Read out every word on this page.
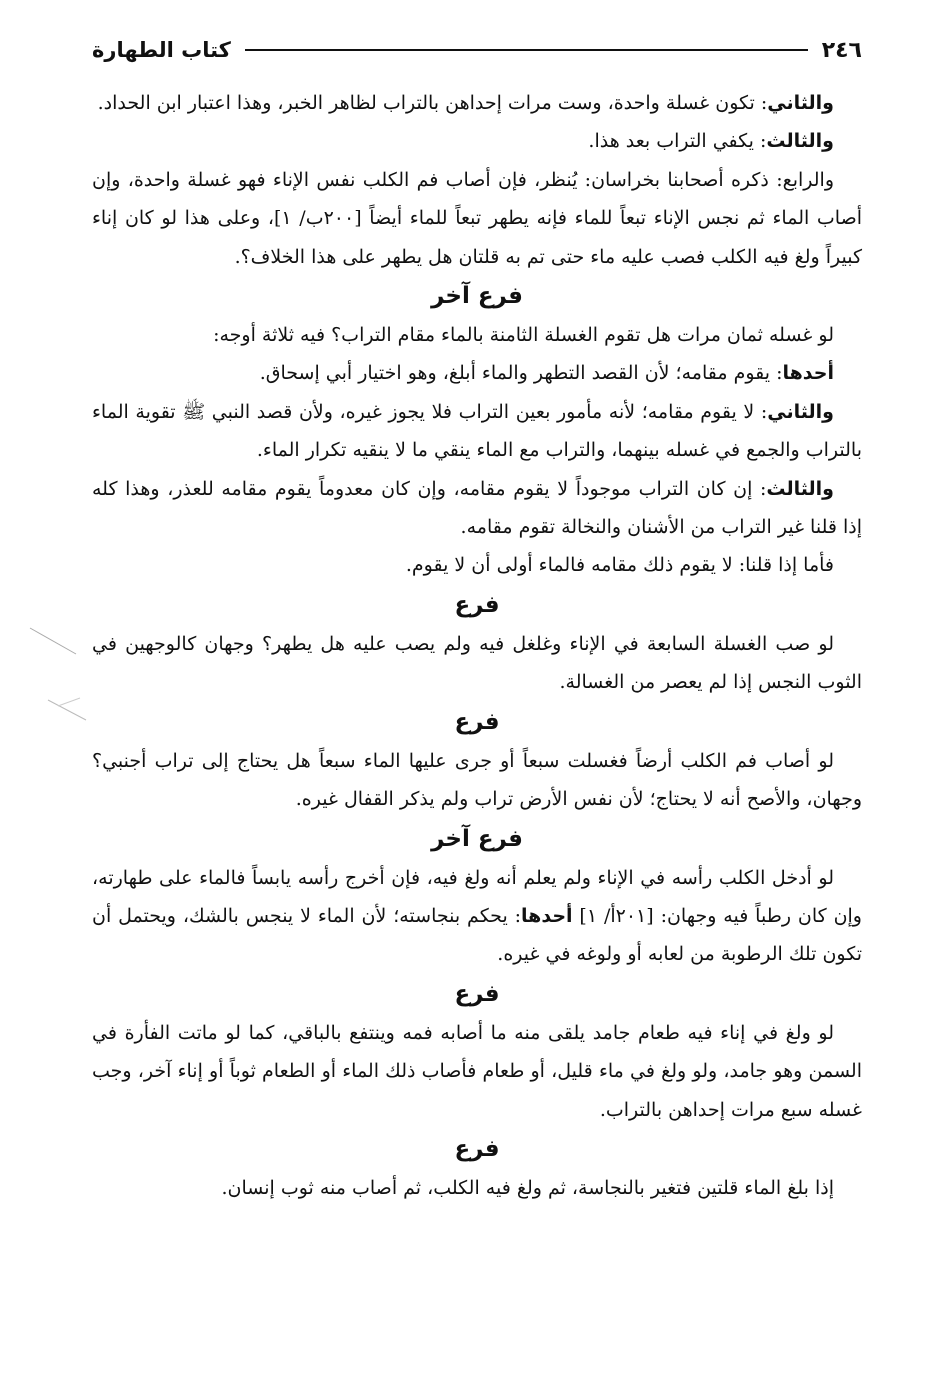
٢٤٦
كتاب الطهارة

والثاني: تكون غسلة واحدة، وست مرات إحداهن بالتراب لظاهر الخبر، وهذا اعتبار ابن الحداد.

والثالث: يكفي التراب بعد هذا.

والرابع: ذكره أصحابنا بخراسان: يُنظر، فإن أصاب فم الكلب نفس الإناء فهو غسلة واحدة، وإن أصاب الماء ثم نجس الإناء تبعاً للماء فإنه يطهر تبعاً للماء أيضاً [٢٠٠ب/ ١]، وعلى هذا لو كان إناء كبيراً ولغ فيه الكلب فصب عليه ماء حتى تم به قلتان هل يطهر على هذا الخلاف؟.

فرع آخر

لو غسله ثمان مرات هل تقوم الغسلة الثامنة بالماء مقام التراب؟ فيه ثلاثة أوجه:

أحدها: يقوم مقامه؛ لأن القصد التطهر والماء أبلغ، وهو اختيار أبي إسحاق.

والثاني: لا يقوم مقامه؛ لأنه مأمور بعين التراب فلا يجوز غيره، ولأن قصد النبي ﷺ تقوية الماء بالتراب والجمع في غسله بينهما، والتراب مع الماء ينقي ما لا ينقيه تكرار الماء.

والثالث: إن كان التراب موجوداً لا يقوم مقامه، وإن كان معدوماً يقوم مقامه للعذر، وهذا كله إذا قلنا غير التراب من الأشنان والنخالة تقوم مقامه.

فأما إذا قلنا: لا يقوم ذلك مقامه فالماء أولى أن لا يقوم.

فرع

لو صب الغسلة السابعة في الإناء وغلغل فيه ولم يصب عليه هل يطهر؟ وجهان كالوجهين في الثوب النجس إذا لم يعصر من الغسالة.

فرع

لو أصاب فم الكلب أرضاً فغسلت سبعاً أو جرى عليها الماء سبعاً هل يحتاج إلى تراب أجنبي؟ وجهان، والأصح أنه لا يحتاج؛ لأن نفس الأرض تراب ولم يذكر القفال غيره.

فرع آخر

لو أدخل الكلب رأسه في الإناء ولم يعلم أنه ولغ فيه، فإن أخرج رأسه يابساً فالماء على طهارته، وإن كان رطباً فيه وجهان: [٢٠١أ/ ١] أحدها: يحكم بنجاسته؛ لأن الماء لا ينجس بالشك، ويحتمل أن تكون تلك الرطوبة من لعابه أو ولوغه في غيره.

فرع

لو ولغ في إناء فيه طعام جامد يلقى منه ما أصابه فمه وينتفع بالباقي، كما لو ماتت الفأرة في السمن وهو جامد، ولو ولغ في ماء قليل، أو طعام فأصاب ذلك الماء أو الطعام ثوباً أو إناء آخر، وجب غسله سبع مرات إحداهن بالتراب.

فرع

إذا بلغ الماء قلتين فتغير بالنجاسة، ثم ولغ فيه الكلب، ثم أصاب منه ثوب إنسان.
